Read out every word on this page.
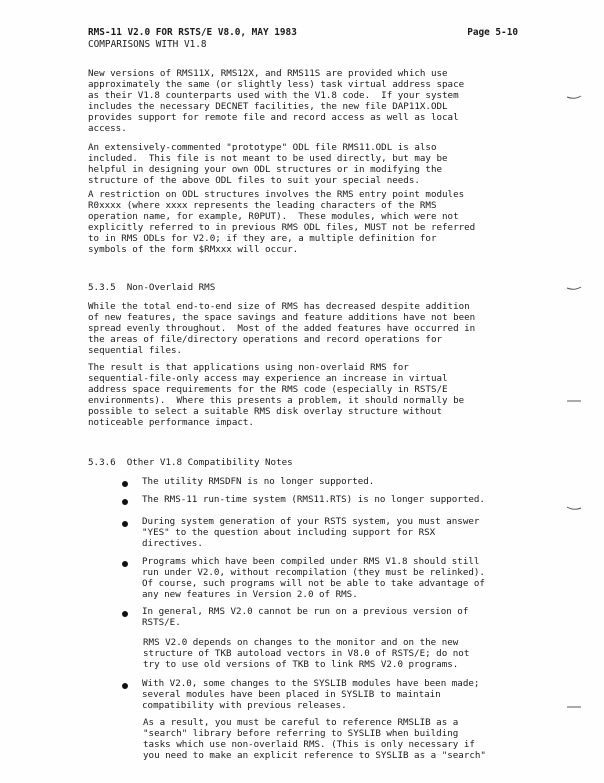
RMS-11 V2.0 FOR RSTS/E V8.0, MAY 1983
COMPARISONS WITH V1.8
Page 5-10
New versions of RMS11X, RMS12X, and RMS11S are provided which use
approximately the same (or slightly less) task virtual address space
as their V1.8 counterparts used with the V1.8 code.  If your system
includes the necessary DECNET facilities, the new file DAP11X.ODL
provides support for remote file and record access as well as local
access.
An extensively-commented "prototype" ODL file RMS11.ODL is also
included.  This file is not meant to be used directly, but may be
helpful in designing your own ODL structures or in modifying the
structure of the above ODL files to suit your special needs.
A restriction on ODL structures involves the RMS entry point modules
R0xxxx (where xxxx represents the leading characters of the RMS
operation name, for example, R0PUT).  These modules, which were not
explicitly referred to in previous RMS ODL files, MUST not be referred
to in RMS ODLs for V2.0; if they are, a multiple definition for
symbols of the form $RMxxx will occur.
5.3.5  Non-Overlaid RMS
While the total end-to-end size of RMS has decreased despite addition
of new features, the space savings and feature additions have not been
spread evenly throughout.  Most of the added features have occurred in
the areas of file/directory operations and record operations for
sequential files.
The result is that applications using non-overlaid RMS for
sequential-file-only access may experience an increase in virtual
address space requirements for the RMS code (especially in RSTS/E
environments).  Where this presents a problem, it should normally be
possible to select a suitable RMS disk overlay structure without
noticeable performance impact.
5.3.6  Other V1.8 Compatibility Notes
The utility RMSDFN is no longer supported.
The RMS-11 run-time system (RMS11.RTS) is no longer supported.
During system generation of your RSTS system, you must answer
"YES" to the question about including support for RSX
directives.
Programs which have been compiled under RMS V1.8 should still
run under V2.0, without recompilation (they must be relinked).
Of course, such programs will not be able to take advantage of
any new features in Version 2.0 of RMS.
In general, RMS V2.0 cannot be run on a previous version of
RSTS/E.
RMS V2.0 depends on changes to the monitor and on the new
structure of TKB autoload vectors in V8.0 of RSTS/E; do not
try to use old versions of TKB to link RMS V2.0 programs.
With V2.0, some changes to the SYSLIB modules have been made;
several modules have been placed in SYSLIB to maintain
compatibility with previous releases.
As a result, you must be careful to reference RMSLIB as a
"search" library before referring to SYSLIB when building
tasks which use non-overlaid RMS. (This is only necessary if
you need to make an explicit reference to SYSLIB as a "search"
